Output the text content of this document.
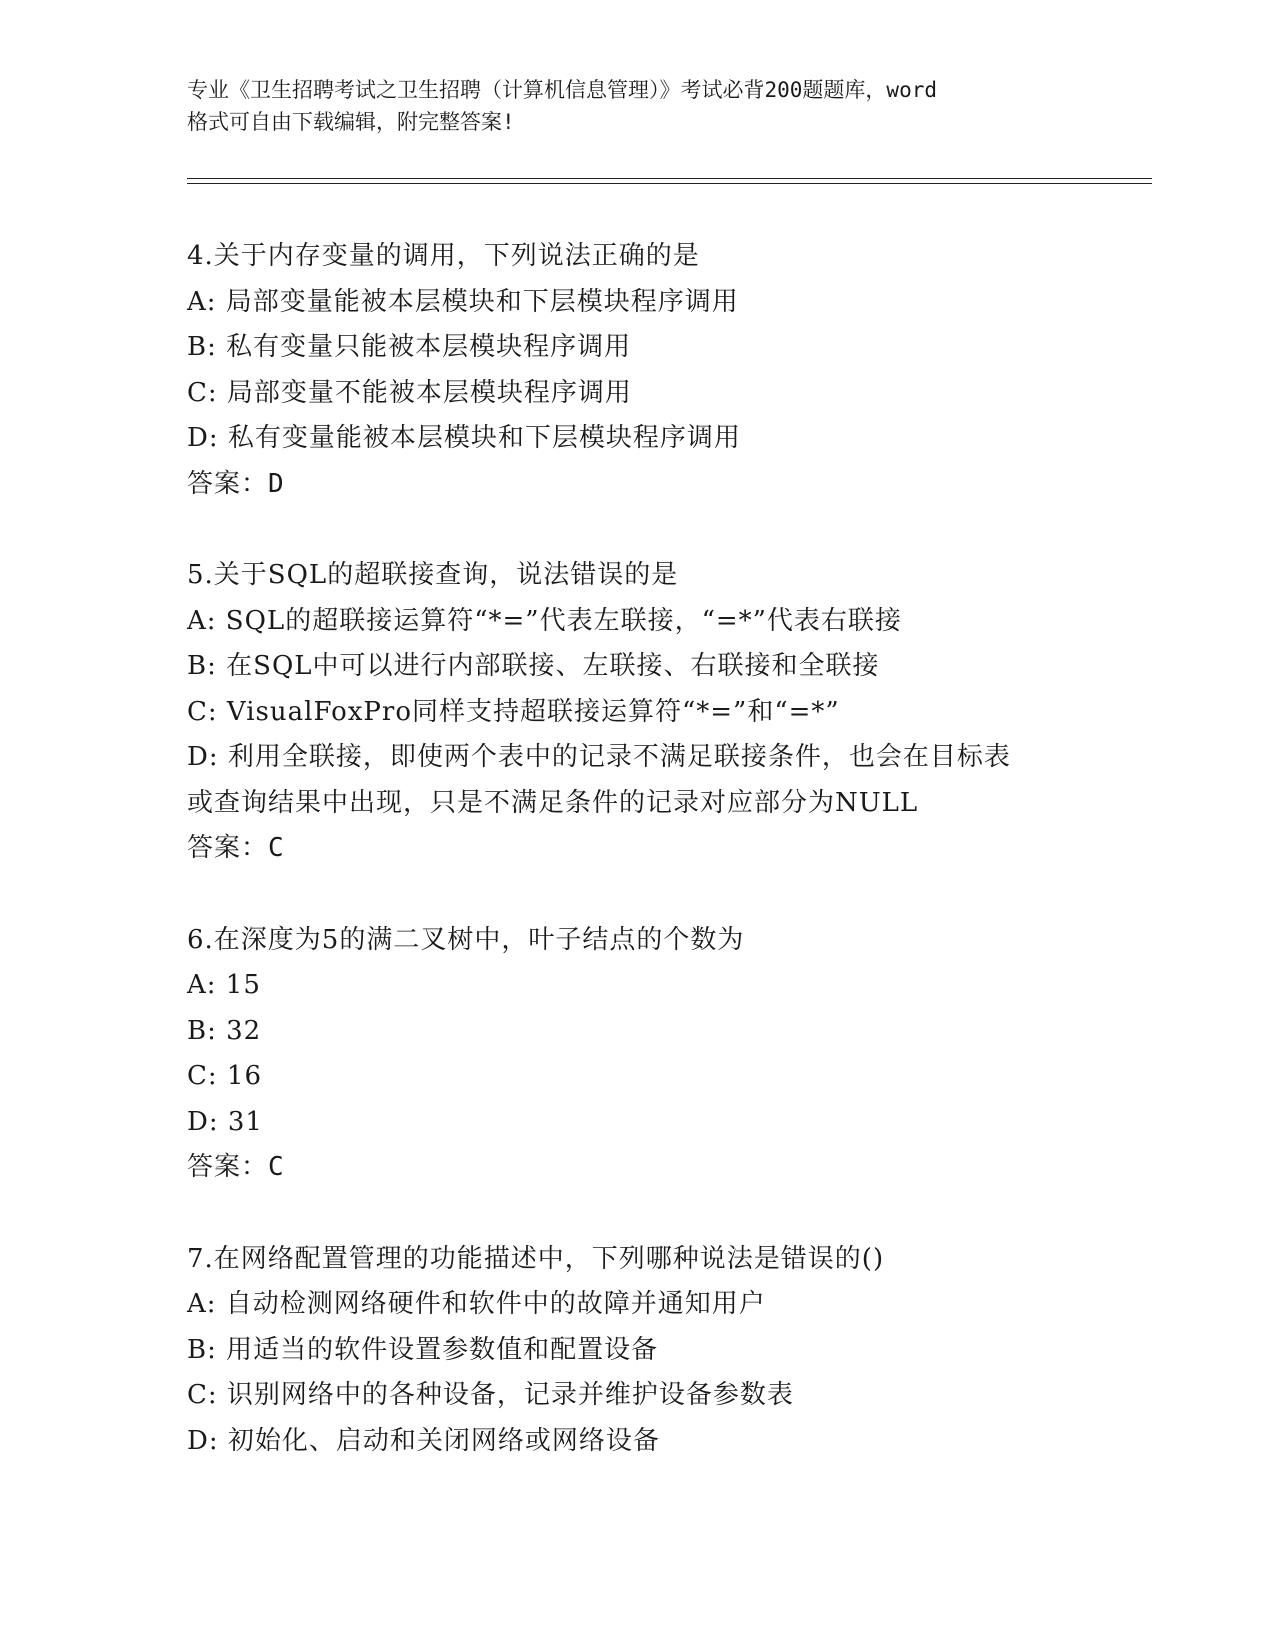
专业《卫生招聘考试之卫生招聘（计算机信息管理）》考试必背200题题库，word
格式可自由下载编辑，附完整答案!
4.关于内存变量的调用，下列说法正确的是
A: 局部变量能被本层模块和下层模块程序调用
B: 私有变量只能被本层模块程序调用
C: 局部变量不能被本层模块程序调用
D: 私有变量能被本层模块和下层模块程序调用
答案：D
5.关于SQL的超联接查询，说法错误的是
A: SQL的超联接运算符“*=”代表左联接，“=*”代表右联接
B: 在SQL中可以进行内部联接、左联接、右联接和全联接
C: VisualFoxPro同样支持超联接运算符“*=”和“=*”
D: 利用全联接，即使两个表中的记录不满足联接条件，也会在目标表
或查询结果中出现，只是不满足条件的记录对应部分为NULL
答案：C
6.在深度为5的满二叉树中，叶子结点的个数为
A: 15
B: 32
C: 16
D: 31
答案：C
7.在网络配置管理的功能描述中，下列哪种说法是错误的()
A: 自动检测网络硬件和软件中的故障并通知用户
B: 用适当的软件设置参数值和配置设备
C: 识别网络中的各种设备，记录并维护设备参数表
D: 初始化、启动和关闭网络或网络设备
